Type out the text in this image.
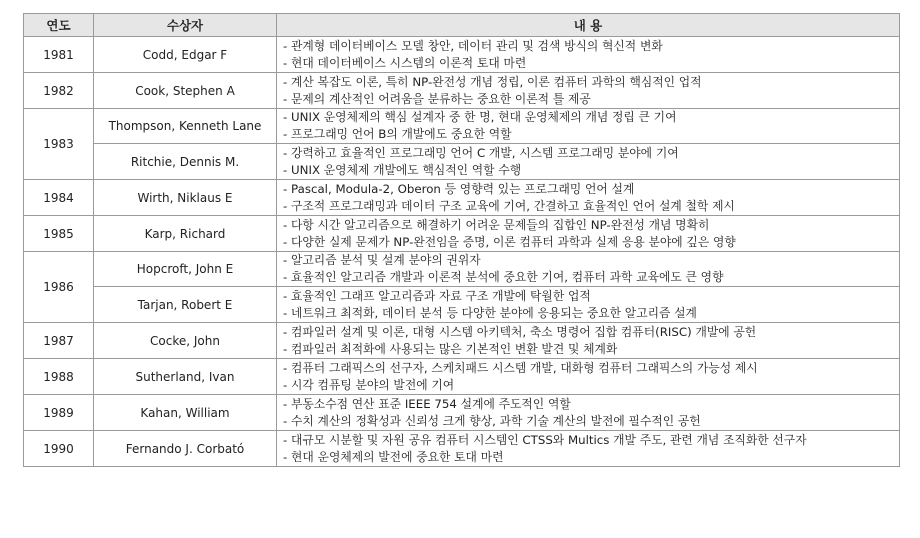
연도	수상자	내 용
1981	Codd, Edgar F	- 관계형 데이터베이스 모델 창안, 데이터 관리 및 검색 방식의 혁신적 변화
- 현대 데이터베이스 시스템의 이론적 토대 마련

1982	Cook, Stephen A	- 계산 복잡도 이론, 특히 NP-완전성 개념 정립, 이론 컴퓨터 과학의 핵심적인 업적
- 문제의 계산적인 어려움을 분류하는 중요한 이론적 틀 제공

1983	Thompson, Kenneth Lane	- UNIX 운영체제의 핵심 설계자 중 한 명, 현대 운영체제의 개념 정립 큰 기여
- 프로그래밍 언어 B의 개발에도 중요한 역할

	Ritchie, Dennis M.	- 강력하고 효율적인 프로그래밍 언어 C 개발, 시스템 프로그래밍 분야에 기여
- UNIX 운영체제 개발에도 핵심적인 역할 수행

1984	Wirth, Niklaus E	- Pascal, Modula-2, Oberon 등 영향력 있는 프로그래밍 언어 설계
- 구조적 프로그래밍과 데이터 구조 교육에 기여, 간결하고 효율적인 언어 설계 철학 제시

1985	Karp, Richard	- 다항 시간 알고리즘으로 해결하기 어려운 문제들의 집합인 NP-완전성 개념 명확히
- 다양한 실제 문제가 NP-완전임을 증명, 이론 컴퓨터 과학과 실제 응용 분야에 깊은 영향

1986	Hopcroft, John E	- 알고리즘 분석 및 설계 분야의 권위자
- 효율적인 알고리즘 개발과 이론적 분석에 중요한 기여, 컴퓨터 과학 교육에도 큰 영향

	Tarjan, Robert E	- 효율적인 그래프 알고리즘과 자료 구조 개발에 탁월한 업적
- 네트워크 최적화, 데이터 분석 등 다양한 분야에 응용되는 중요한 알고리즘 설계

1987	Cocke, John	- 컴파일러 설계 및 이론, 대형 시스템 아키텍처, 축소 명령어 집합 컴퓨터(RISC) 개발에 공헌
- 컴파일러 최적화에 사용되는 많은 기본적인 변환 발견 및 체계화

1988	Sutherland, Ivan	- 컴퓨터 그래픽스의 선구자, 스케치패드 시스템 개발, 대화형 컴퓨터 그래픽스의 가능성 제시
- 시각 컴퓨팅 분야의 발전에 기여

1989	Kahan, William	- 부동소수점 연산 표준 IEEE 754 설계에 주도적인 역할
- 수치 계산의 정확성과 신뢰성 크게 향상, 과학 기술 계산의 발전에 필수적인 공헌

1990	Fernando J. Corbató	- 대규모 시분할 및 자원 공유 컴퓨터 시스템인 CTSS와 Multics 개발 주도, 관련 개념 조직화한 선구자
- 현대 운영체제의 발전에 중요한 토대 마련
